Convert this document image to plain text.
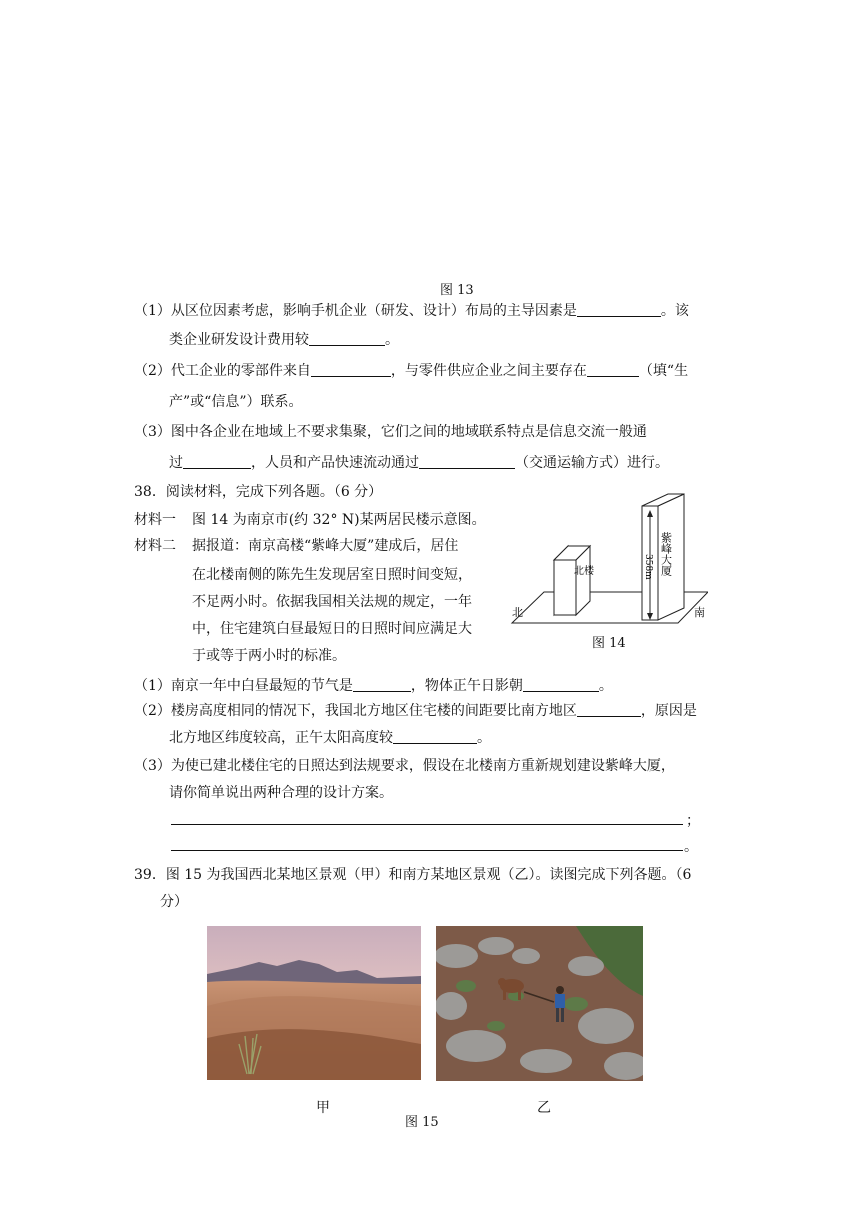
图 13
（1）从区位因素考虑，影响手机企业（研发、设计）布局的主导因素是	。该
类企业研发设计费用较	。
（2）代工企业的零部件来自	，与零件供应企业之间主要存在	（填“生
产”或“信息”）联系。
（3）图中各企业在地域上不要求集聚，它们之间的地域联系特点是信息交流一般通
过	，人员和产品快速流动通过	（交通运输方式）进行。
38．阅读材料，完成下列各题。（6 分）
材料一 图 14 为南京市(约 32° N)某两居民楼示意图。
材料二 据报道：南京高楼“紫峰大厦”建成后，居住
在北楼南侧的陈先生发现居室日照时间变短，
不足两小时。依据我国相关法规的规定，一年
中，住宅建筑白昼最短日的日照时间应满足大
于或等于两小时的标准。
北楼	紫峰大厦
358m
北	南
图 14
（1）南京一年中白昼最短的节气是	，物体正午日影朝	。
（2）楼房高度相同的情况下，我国北方地区住宅楼的间距要比南方地区	，原因是
北方地区纬度较高，正午太阳高度较	。
（3）为使已建北楼住宅的日照达到法规要求，假设在北楼南方重新规划建设紫峰大厦，
请你简单说出两种合理的设计方案。
；
。
39．图 15 为我国西北某地区景观（甲）和南方某地区景观（乙）。读图完成下列各题。（6
分）
甲	乙
图 15
